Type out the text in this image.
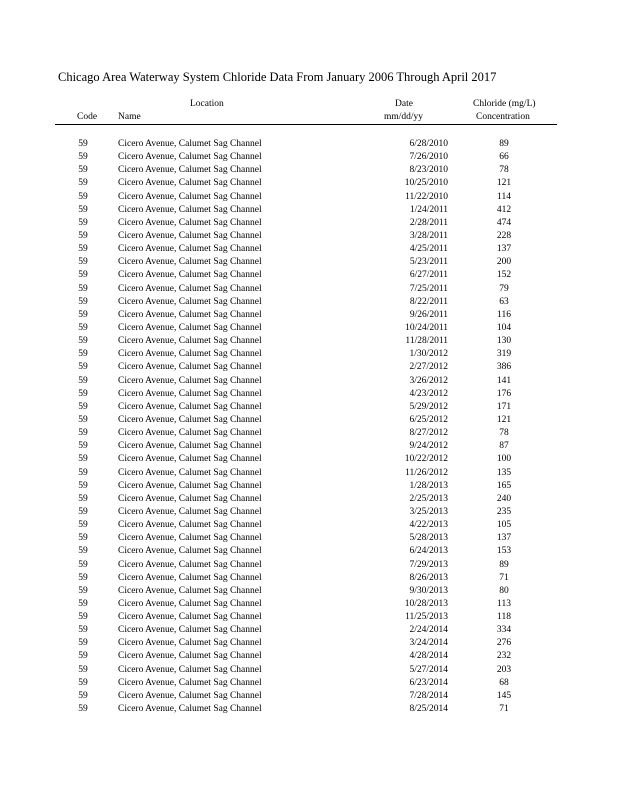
Chicago Area Waterway System Chloride Data From January 2006 Through April 2017
Location
Code Name
Date
mm/dd/yy
Chloride (mg/L)
Concentration
59	Cicero Avenue, Calumet Sag Channel	6/28/2010	89
59	Cicero Avenue, Calumet Sag Channel	7/26/2010	66
59	Cicero Avenue, Calumet Sag Channel	8/23/2010	78
59	Cicero Avenue, Calumet Sag Channel	10/25/2010	121
59	Cicero Avenue, Calumet Sag Channel	11/22/2010	114
59	Cicero Avenue, Calumet Sag Channel	1/24/2011	412
59	Cicero Avenue, Calumet Sag Channel	2/28/2011	474
59	Cicero Avenue, Calumet Sag Channel	3/28/2011	228
59	Cicero Avenue, Calumet Sag Channel	4/25/2011	137
59	Cicero Avenue, Calumet Sag Channel	5/23/2011	200
59	Cicero Avenue, Calumet Sag Channel	6/27/2011	152
59	Cicero Avenue, Calumet Sag Channel	7/25/2011	79
59	Cicero Avenue, Calumet Sag Channel	8/22/2011	63
59	Cicero Avenue, Calumet Sag Channel	9/26/2011	116
59	Cicero Avenue, Calumet Sag Channel	10/24/2011	104
59	Cicero Avenue, Calumet Sag Channel	11/28/2011	130
59	Cicero Avenue, Calumet Sag Channel	1/30/2012	319
59	Cicero Avenue, Calumet Sag Channel	2/27/2012	386
59	Cicero Avenue, Calumet Sag Channel	3/26/2012	141
59	Cicero Avenue, Calumet Sag Channel	4/23/2012	176
59	Cicero Avenue, Calumet Sag Channel	5/29/2012	171
59	Cicero Avenue, Calumet Sag Channel	6/25/2012	121
59	Cicero Avenue, Calumet Sag Channel	8/27/2012	78
59	Cicero Avenue, Calumet Sag Channel	9/24/2012	87
59	Cicero Avenue, Calumet Sag Channel	10/22/2012	100
59	Cicero Avenue, Calumet Sag Channel	11/26/2012	135
59	Cicero Avenue, Calumet Sag Channel	1/28/2013	165
59	Cicero Avenue, Calumet Sag Channel	2/25/2013	240
59	Cicero Avenue, Calumet Sag Channel	3/25/2013	235
59	Cicero Avenue, Calumet Sag Channel	4/22/2013	105
59	Cicero Avenue, Calumet Sag Channel	5/28/2013	137
59	Cicero Avenue, Calumet Sag Channel	6/24/2013	153
59	Cicero Avenue, Calumet Sag Channel	7/29/2013	89
59	Cicero Avenue, Calumet Sag Channel	8/26/2013	71
59	Cicero Avenue, Calumet Sag Channel	9/30/2013	80
59	Cicero Avenue, Calumet Sag Channel	10/28/2013	113
59	Cicero Avenue, Calumet Sag Channel	11/25/2013	118
59	Cicero Avenue, Calumet Sag Channel	2/24/2014	334
59	Cicero Avenue, Calumet Sag Channel	3/24/2014	276
59	Cicero Avenue, Calumet Sag Channel	4/28/2014	232
59	Cicero Avenue, Calumet Sag Channel	5/27/2014	203
59	Cicero Avenue, Calumet Sag Channel	6/23/2014	68
59	Cicero Avenue, Calumet Sag Channel	7/28/2014	145
59	Cicero Avenue, Calumet Sag Channel	8/25/2014	71
